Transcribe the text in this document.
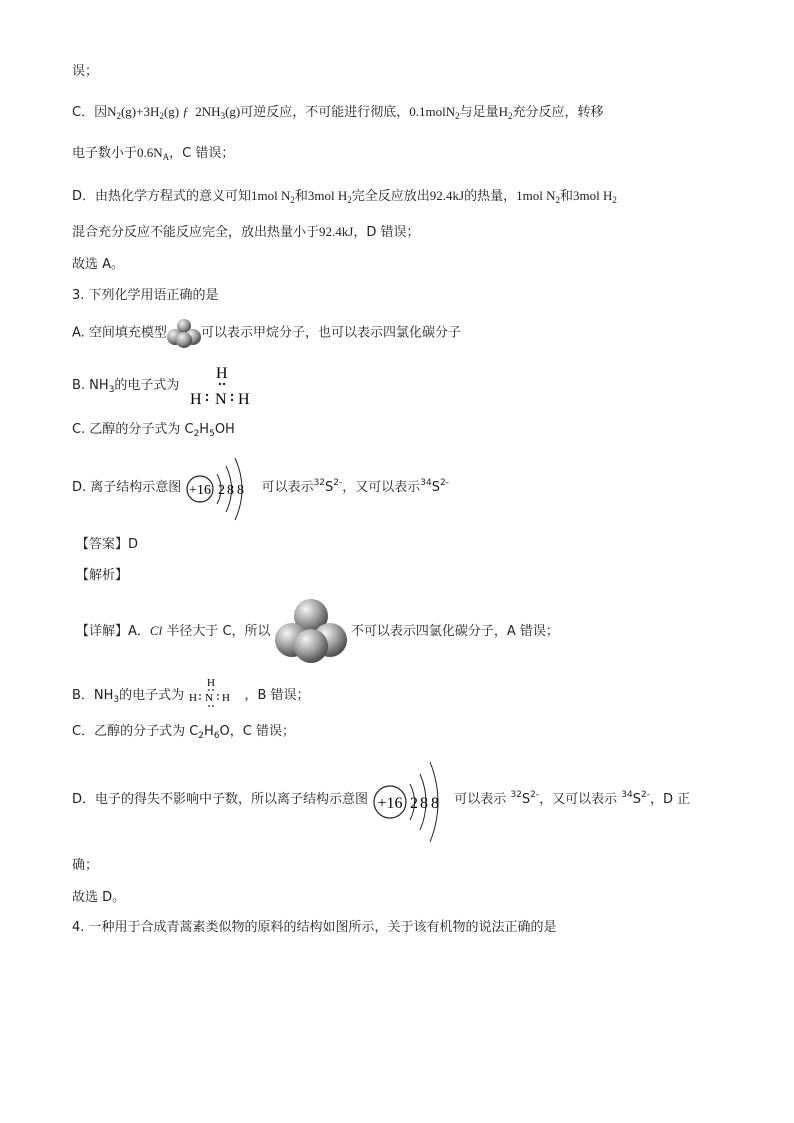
误；
C．因$N_2(g)+3H_2(g)$ ƒ $2NH_3(g)$可逆反应，不可能进行彻底，0.1molN$_2$与足量$H_2$充分反应，转移
电子数小于$0.6N_A$，C 错误；
D．由热化学方程式的意义可知1mol $N_2$和3mol $H_2$完全反应放出92.4kJ的热量，1mol $N_2$和3mol $H_2$
混合充分反应不能反应完全，放出热量小于92.4kJ，D 错误；
故选 A。
3. 下列化学用语正确的是
A. 空间填充模型	可以表示甲烷分子，也可以表示四氯化碳分子
B. $NH_3$的电子式为
H
H N H
C. 乙醇的分子式为 $C_2H_5OH$
D. 离子结构示意图 +16 2 8 8 可以表示$^{32}S^{2-}$，又可以表示$^{34}S^{2-}$
【答案】D
【解析】
【详解】A．Cl 半径大于 C，所以	不可以表示四氯化碳分子，A 错误；
B．$NH_3$的电子式为
H
H N H ，B 错误；
C．乙醇的分子式为 $C_2H_6O$，C 错误；
D．电子的得失不影响中子数，所以离子结构示意图 +16 2 8 8 可以表示 $^{32}S^{2-}$，又可以表示 $^{34}S^{2-}$，D 正
确；
故选 D。
4. 一种用于合成青蒿素类似物的原料的结构如图所示，关于该有机物的说法正确的是
